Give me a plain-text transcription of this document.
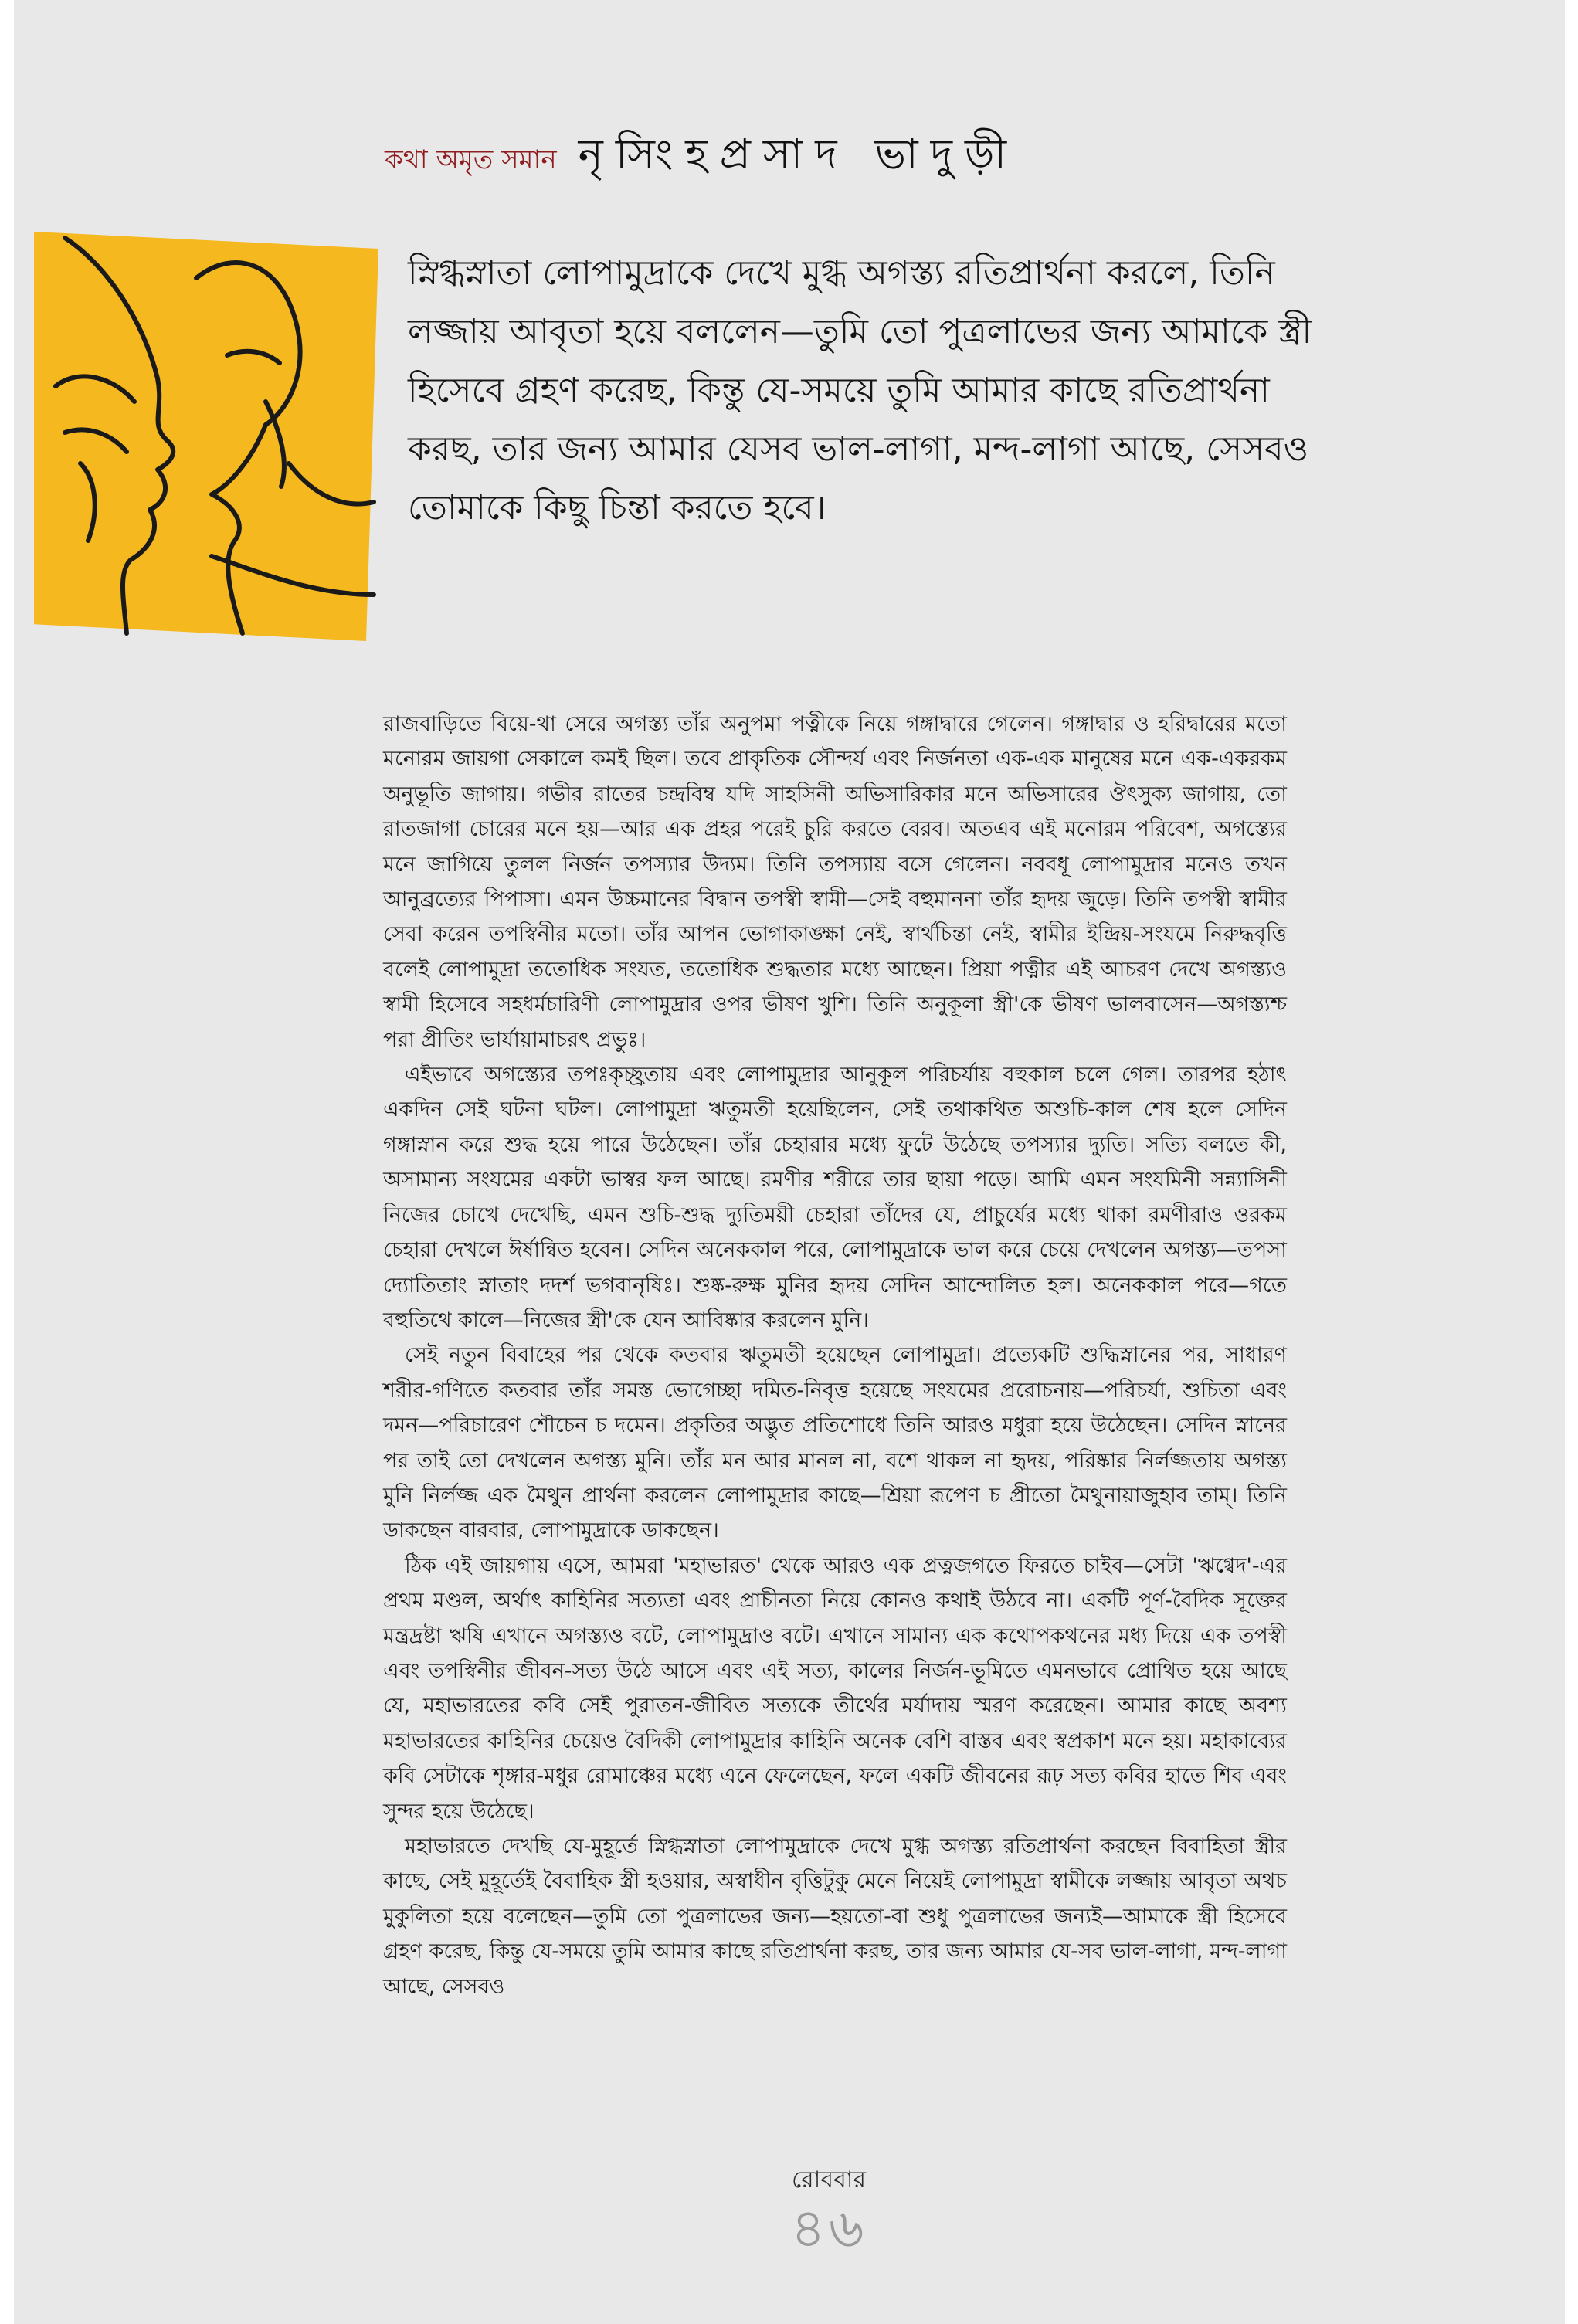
কথা অমৃত সমান নৃসিংহপ্রসাদ ভাদুড়ী

স্নিগ্ধস্নাতা লোপামুদ্রাকে দেখে মুগ্ধ অগস্ত্য রতিপ্রার্থনা করলে, তিনি লজ্জায় আবৃতা হয়ে বললেন—তুমি তো পুত্রলাভের জন্য আমাকে স্ত্রী হিসেবে গ্রহণ করেছ, কিন্তু যে-সময়ে তুমি আমার কাছে রতিপ্রার্থনা করছ, তার জন্য আমার যেসব ভাল-লাগা, মন্দ-লাগা আছে, সেসবও তোমাকে কিছু চিন্তা করতে হবে।

রাজবাড়িতে বিয়ে-থা সেরে অগস্ত্য তাঁর অনুপমা পত্নীকে নিয়ে গঙ্গাদ্বারে গেলেন। গঙ্গাদ্বার ও হরিদ্বারের মতো মনোরম জায়গা সেকালে কমই ছিল। তবে প্রাকৃতিক সৌন্দর্য এবং নির্জনতা এক-এক মানুষের মনে এক-একরকম অনুভূতি জাগায়। গভীর রাতের চন্দ্রবিম্ব যদি সাহসিনী অভিসারিকার মনে অভিসারের ঔৎসুক্য জাগায়, তো রাতজাগা চোরের মনে হয়—আর এক প্রহর পরেই চুরি করতে বেরব। অতএব এই মনোরম পরিবেশ, অগস্ত্যের মনে জাগিয়ে তুলল নির্জন তপস্যার উদ্যম। তিনি তপস্যায় বসে গেলেন। নববধূ লোপামুদ্রার মনেও তখন আনুব্রত্যের পিপাসা। এমন উচ্চমানের বিদ্বান তপস্বী স্বামী—সেই বহুমাননা তাঁর হৃদয় জুড়ে। তিনি তপস্বী স্বামীর সেবা করেন তপস্বিনীর মতো। তাঁর আপন ভোগাকাঙ্ক্ষা নেই, স্বার্থচিন্তা নেই, স্বামীর ইন্দ্রিয়-সংযমে নিরুদ্ধবৃত্তি বলেই লোপামুদ্রা ততোধিক সংযত, ততোধিক শুদ্ধতার মধ্যে আছেন। প্রিয়া পত্নীর এই আচরণ দেখে অগস্ত্যও স্বামী হিসেবে সহধর্মচারিণী লোপামুদ্রার ওপর ভীষণ খুশি। তিনি অনুকূলা স্ত্রী'কে ভীষণ ভালবাসেন—অগস্ত্যশ্চ পরা প্রীতিং ভার্যায়ামাচরৎ প্রভুঃ।

এইভাবে অগস্ত্যের তপঃকৃচ্ছ্রতায় এবং লোপামুদ্রার আনুকূল পরিচর্যায় বহুকাল চলে গেল। তারপর হঠাৎ একদিন সেই ঘটনা ঘটল। লোপামুদ্রা ঋতুমতী হয়েছিলেন, সেই তথাকথিত অশুচি-কাল শেষ হলে সেদিন গঙ্গাস্নান করে শুদ্ধ হয়ে পারে উঠেছেন। তাঁর চেহারার মধ্যে ফুটে উঠেছে তপস্যার দ্যুতি। সত্যি বলতে কী, অসামান্য সংযমের একটা ভাস্বর ফল আছে। রমণীর শরীরে তার ছায়া পড়ে। আমি এমন সংযমিনী সন্ন্যাসিনী নিজের চোখে দেখেছি, এমন শুচি-শুদ্ধ দ্যুতিময়ী চেহারা তাঁদের যে, প্রাচুর্যের মধ্যে থাকা রমণীরাও ওরকম চেহারা দেখলে ঈর্ষান্বিত হবেন। সেদিন অনেককাল পরে, লোপামুদ্রাকে ভাল করে চেয়ে দেখলেন অগস্ত্য—তপসা দ্যোতিতাং স্নাতাং দদর্শ ভগবানৃষিঃ। শুষ্ক-রুক্ষ মুনির হৃদয় সেদিন আন্দোলিত হল। অনেককাল পরে—গতে বহুতিথে কালে—নিজের স্ত্রী'কে যেন আবিষ্কার করলেন মুনি।

সেই নতুন বিবাহের পর থেকে কতবার ঋতুমতী হয়েছেন লোপামুদ্রা। প্রত্যেকটি শুদ্ধিস্নানের পর, সাধারণ শরীর-গণিতে কতবার তাঁর সমস্ত ভোগেচ্ছা দমিত-নিবৃত্ত হয়েছে সংযমের প্ররোচনায়—পরিচর্যা, শুচিতা এবং দমন—পরিচারেণ শৌচেন চ দমেন। প্রকৃতির অদ্ভুত প্রতিশোধে তিনি আরও মধুরা হয়ে উঠেছেন। সেদিন স্নানের পর তাই তো দেখলেন অগস্ত্য মুনি। তাঁর মন আর মানল না, বশে থাকল না হৃদয়, পরিষ্কার নির্লজ্জতায় অগস্ত্য মুনি নির্লজ্জ এক মৈথুন প্রার্থনা করলেন লোপামুদ্রার কাছে—শ্রিয়া রূপেণ চ প্রীতো মৈথুনায়াজুহাব তাম্। তিনি ডাকছেন বারবার, লোপামুদ্রাকে ডাকছেন।

ঠিক এই জায়গায় এসে, আমরা 'মহাভারত' থেকে আরও এক প্রত্নজগতে ফিরতে চাইব—সেটা 'ঋগ্বেদ'-এর প্রথম মণ্ডল, অর্থাৎ কাহিনির সত্যতা এবং প্রাচীনতা নিয়ে কোনও কথাই উঠবে না। একটি পূর্ণ-বৈদিক সূক্তের মন্ত্রদ্রষ্টা ঋষি এখানে অগস্ত্যও বটে, লোপামুদ্রাও বটে। এখানে সামান্য এক কথোপকথনের মধ্য দিয়ে এক তপস্বী এবং তপস্বিনীর জীবন-সত্য উঠে আসে এবং এই সত্য, কালের নির্জন-ভূমিতে এমনভাবে প্রোথিত হয়ে আছে যে, মহাভারতের কবি সেই পুরাতন-জীবিত সত্যকে তীর্থের মর্যাদায় স্মরণ করেছেন। আমার কাছে অবশ্য মহাভারতের কাহিনির চেয়েও বৈদিকী লোপামুদ্রার কাহিনি অনেক বেশি বাস্তব এবং স্বপ্রকাশ মনে হয়। মহাকাব্যের কবি সেটাকে শৃঙ্গার-মধুর রোমাঞ্চের মধ্যে এনে ফেলেছেন, ফলে একটি জীবনের রূঢ় সত্য কবির হাতে শিব এবং সুন্দর হয়ে উঠেছে।

মহাভারতে দেখছি যে-মুহূর্তে স্নিগ্ধস্নাতা লোপামুদ্রাকে দেখে মুগ্ধ অগস্ত্য রতিপ্রার্থনা করছেন বিবাহিতা স্ত্রীর কাছে, সেই মুহূর্তেই বৈবাহিক স্ত্রী হওয়ার, অস্বাধীন বৃত্তিটুকু মেনে নিয়েই লোপামুদ্রা স্বামীকে লজ্জায় আবৃতা অথচ মুকুলিতা হয়ে বলেছেন—তুমি তো পুত্রলাভের জন্য—হয়তো-বা শুধু পুত্রলাভের জন্যই—আমাকে স্ত্রী হিসেবে গ্রহণ করেছ, কিন্তু যে-সময়ে তুমি আমার কাছে রতিপ্রার্থনা করছ, তার জন্য আমার যে-সব ভাল-লাগা, মন্দ-লাগা আছে, সেসবও

রোববার
৪৬
